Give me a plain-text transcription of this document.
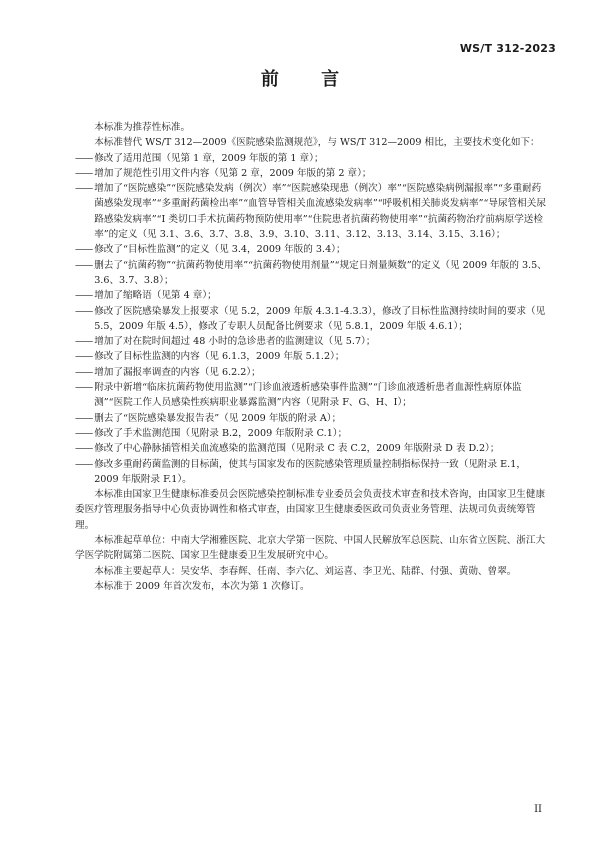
WS/T 312-2023
前 言

本标准为推荐性标准。

本标准替代 WS/T 312—2009《医院感染监测规范》，与 WS/T 312—2009 相比，主要技术变化如下：

—— 修改了适用范围（见第 1 章，2009 年版的第 1 章）；

—— 增加了规范性引用文件内容（见第 2 章，2009 年版的第 2 章）；

—— 增加了“医院感染”“医院感染发病（例次）率”“医院感染现患（例次）率”“医院感染病例漏报率”“多重耐药菌感染发现率”“多重耐药菌检出率”“血管导管相关血流感染发病率”“呼吸机相关肺炎发病率”“导尿管相关尿路感染发病率”“I 类切口手术抗菌药物预防使用率”“住院患者抗菌药物使用率”“抗菌药物治疗前病原学送检率”的定义（见 3.1、3.6、3.7、3.8、3.9、3.10、3.11、3.12、3.13、3.14、3.15、3.16）；

—— 修改了“目标性监测”的定义（见 3.4，2009 年版的 3.4）；

—— 删去了“抗菌药物”“抗菌药物使用率”“抗菌药物使用剂量”“规定日剂量频数”的定义（见 2009 年版的 3.5、3.6、3.7、3.8）；

—— 增加了缩略语（见第 4 章）；

—— 修改了医院感染暴发上报要求（见 5.2，2009 年版 4.3.1-4.3.3），修改了目标性监测持续时间的要求（见 5.5，2009 年版 4.5），修改了专职人员配备比例要求（见 5.8.1，2009 年版 4.6.1）；

—— 增加了对在院时间超过 48 小时的急诊患者的监测建议（见 5.7）；

—— 修改了目标性监测的内容（见 6.1.3，2009 年版 5.1.2）；

—— 增加了漏报率调查的内容（见 6.2.2）；

—— 附录中新增“临床抗菌药物使用监测”“门诊血液透析感染事件监测”“门诊血液透析患者血源性病原体监测”“医院工作人员感染性疾病职业暴露监测”内容（见附录 F、G、H、I）；

—— 删去了“医院感染暴发报告表”（见 2009 年版的附录 A）；

—— 修改了手术监测范围（见附录 B.2，2009 年版附录 C.1）；

—— 修改了中心静脉插管相关血流感染的监测范围（见附录 C 表 C.2，2009 年版附录 D 表 D.2）；

—— 修改多重耐药菌监测的目标菌，使其与国家发布的医院感染管理质量控制指标保持一致（见附录 E.1，2009 年版附录 F.1）。

本标准由国家卫生健康标准委员会医院感染控制标准专业委员会负责技术审查和技术咨询，由国家卫生健康委医疗管理服务指导中心负责协调性和格式审查，由国家卫生健康委医政司负责业务管理、法规司负责统筹管理。

本标准起草单位：中南大学湘雅医院、北京大学第一医院、中国人民解放军总医院、山东省立医院、浙江大学医学院附属第二医院、国家卫生健康委卫生发展研究中心。

本标准主要起草人：吴安华、李春辉、任南、李六亿、刘运喜、李卫光、陆群、付强、黄勋、曾翠。

本标准于 2009 年首次发布，本次为第 1 次修订。

II
